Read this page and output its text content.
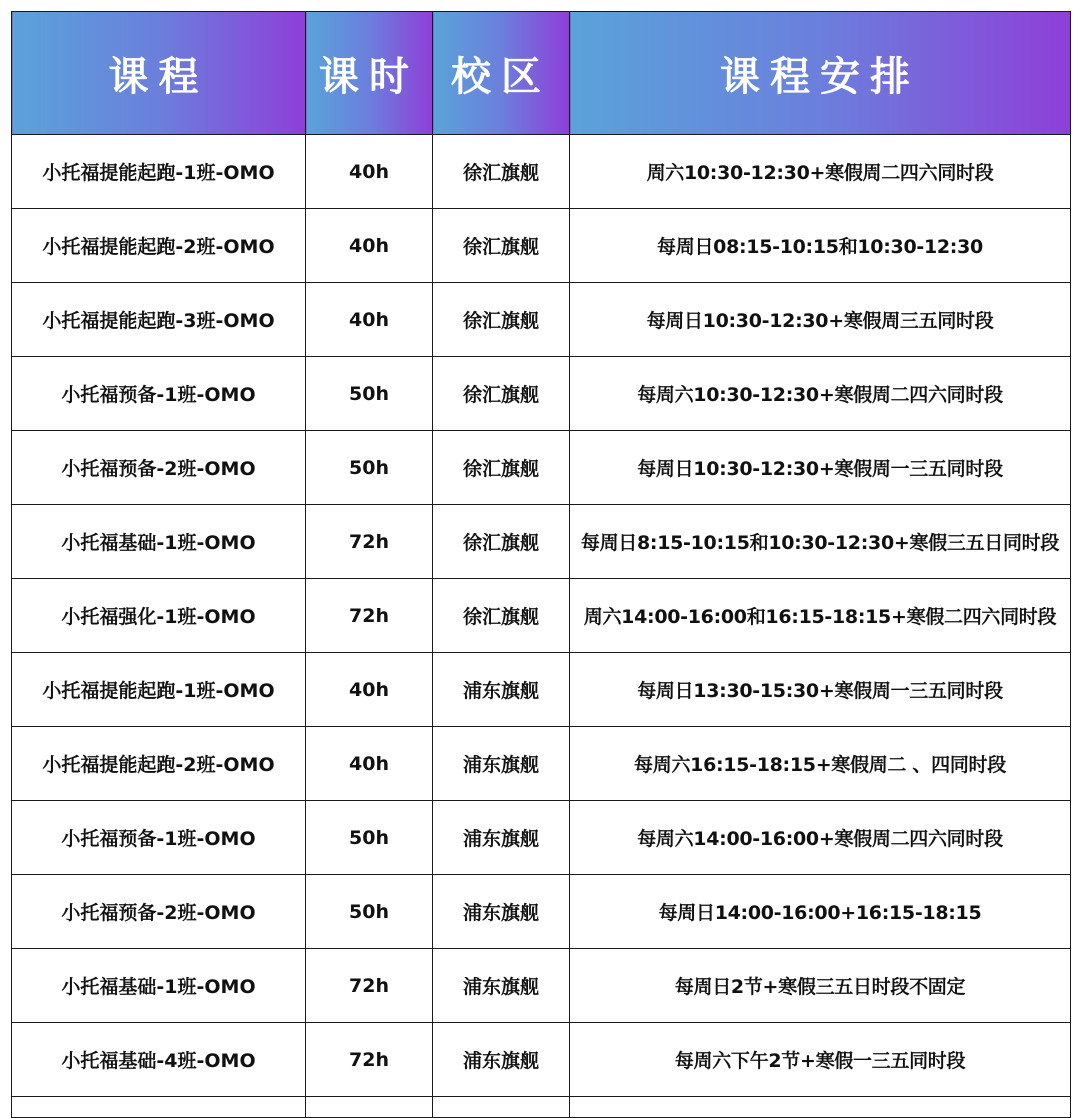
课程	课时	校区	课程安排
小托福提能起跑-1班-OMO	40h	徐汇旗舰	周六10:30-12:30+寒假周二四六同时段
小托福提能起跑-2班-OMO	40h	徐汇旗舰	每周日08:15-10:15和10:30-12:30
小托福提能起跑-3班-OMO	40h	徐汇旗舰	每周日10:30-12:30+寒假周三五同时段
小托福预备-1班-OMO	50h	徐汇旗舰	每周六10:30-12:30+寒假周二四六同时段
小托福预备-2班-OMO	50h	徐汇旗舰	每周日10:30-12:30+寒假周一三五同时段
小托福基础-1班-OMO	72h	徐汇旗舰	每周日8:15-10:15和10:30-12:30+寒假三五日同时段
小托福强化-1班-OMO	72h	徐汇旗舰	周六14:00-16:00和16:15-18:15+寒假二四六同时段
小托福提能起跑-1班-OMO	40h	浦东旗舰	每周日13:30-15:30+寒假周一三五同时段
小托福提能起跑-2班-OMO	40h	浦东旗舰	每周六16:15-18:15+寒假周二 、四同时段
小托福预备-1班-OMO	50h	浦东旗舰	每周六14:00-16:00+寒假周二四六同时段
小托福预备-2班-OMO	50h	浦东旗舰	每周日14:00-16:00+16:15-18:15
小托福基础-1班-OMO	72h	浦东旗舰	每周日2节+寒假三五日时段不固定
小托福基础-4班-OMO	72h	浦东旗舰	每周六下午2节+寒假一三五同时段
